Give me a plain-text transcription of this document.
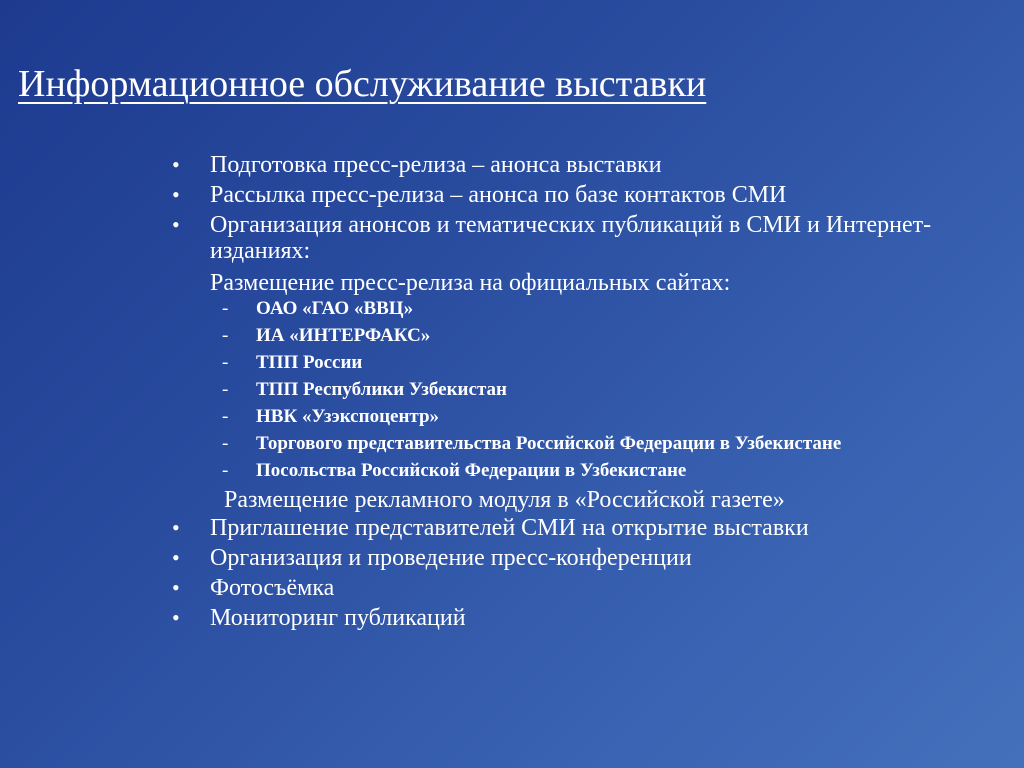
Информационное обслуживание выставки
• Подготовка пресс-релиза – анонса выставки
• Рассылка пресс-релиза – анонса по базе контактов СМИ
• Организация анонсов и тематических публикаций в СМИ и Интернет-изданиях:
Размещение пресс-релиза на официальных сайтах:
- ОАО «ГАО «ВВЦ»
- ИА «ИНТЕРФАКС»
- ТПП России
- ТПП Республики Узбекистан
- НВК «Узэкспоцентр»
- Торгового представительства Российской Федерации в Узбекистане
- Посольства Российской Федерации в Узбекистане
Размещение рекламного модуля в «Российской газете»
• Приглашение представителей СМИ на открытие выставки
• Организация и проведение пресс-конференции
• Фотосъёмка
• Мониторинг публикаций
